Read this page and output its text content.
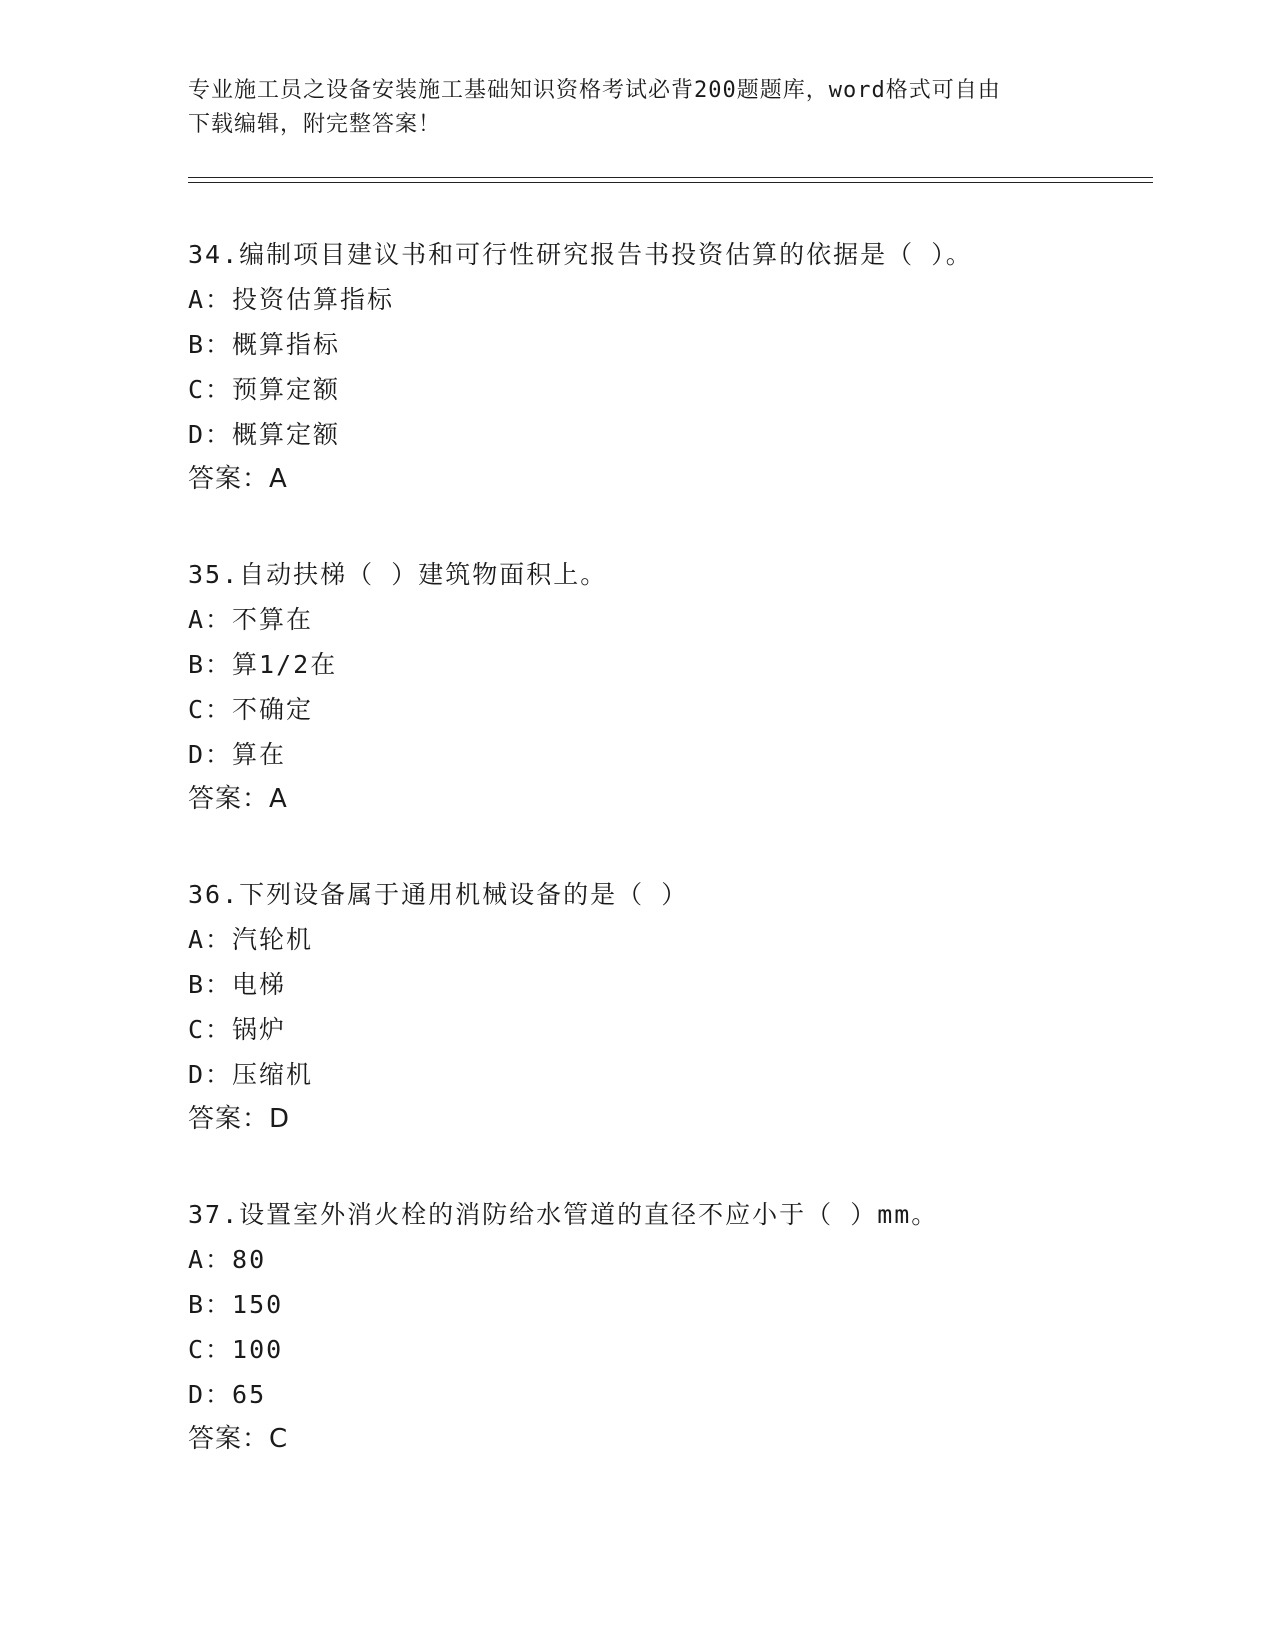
专业施工员之设备安装施工基础知识资格考试必背200题题库，word格式可自由
下载编辑，附完整答案！
34.编制项目建议书和可行性研究报告书投资估算的依据是（ ）。
A：投资估算指标
B：概算指标
C：预算定额
D：概算定额
答案：A
35.自动扶梯（ ）建筑物面积上。
A：不算在
B：算1/2在
C：不确定
D：算在
答案：A
36.下列设备属于通用机械设备的是（ ）
A：汽轮机
B：电梯
C：锅炉
D：压缩机
答案：D
37.设置室外消火栓的消防给水管道的直径不应小于（ ）mm。
A：80
B：150
C：100
D：65
答案：C
